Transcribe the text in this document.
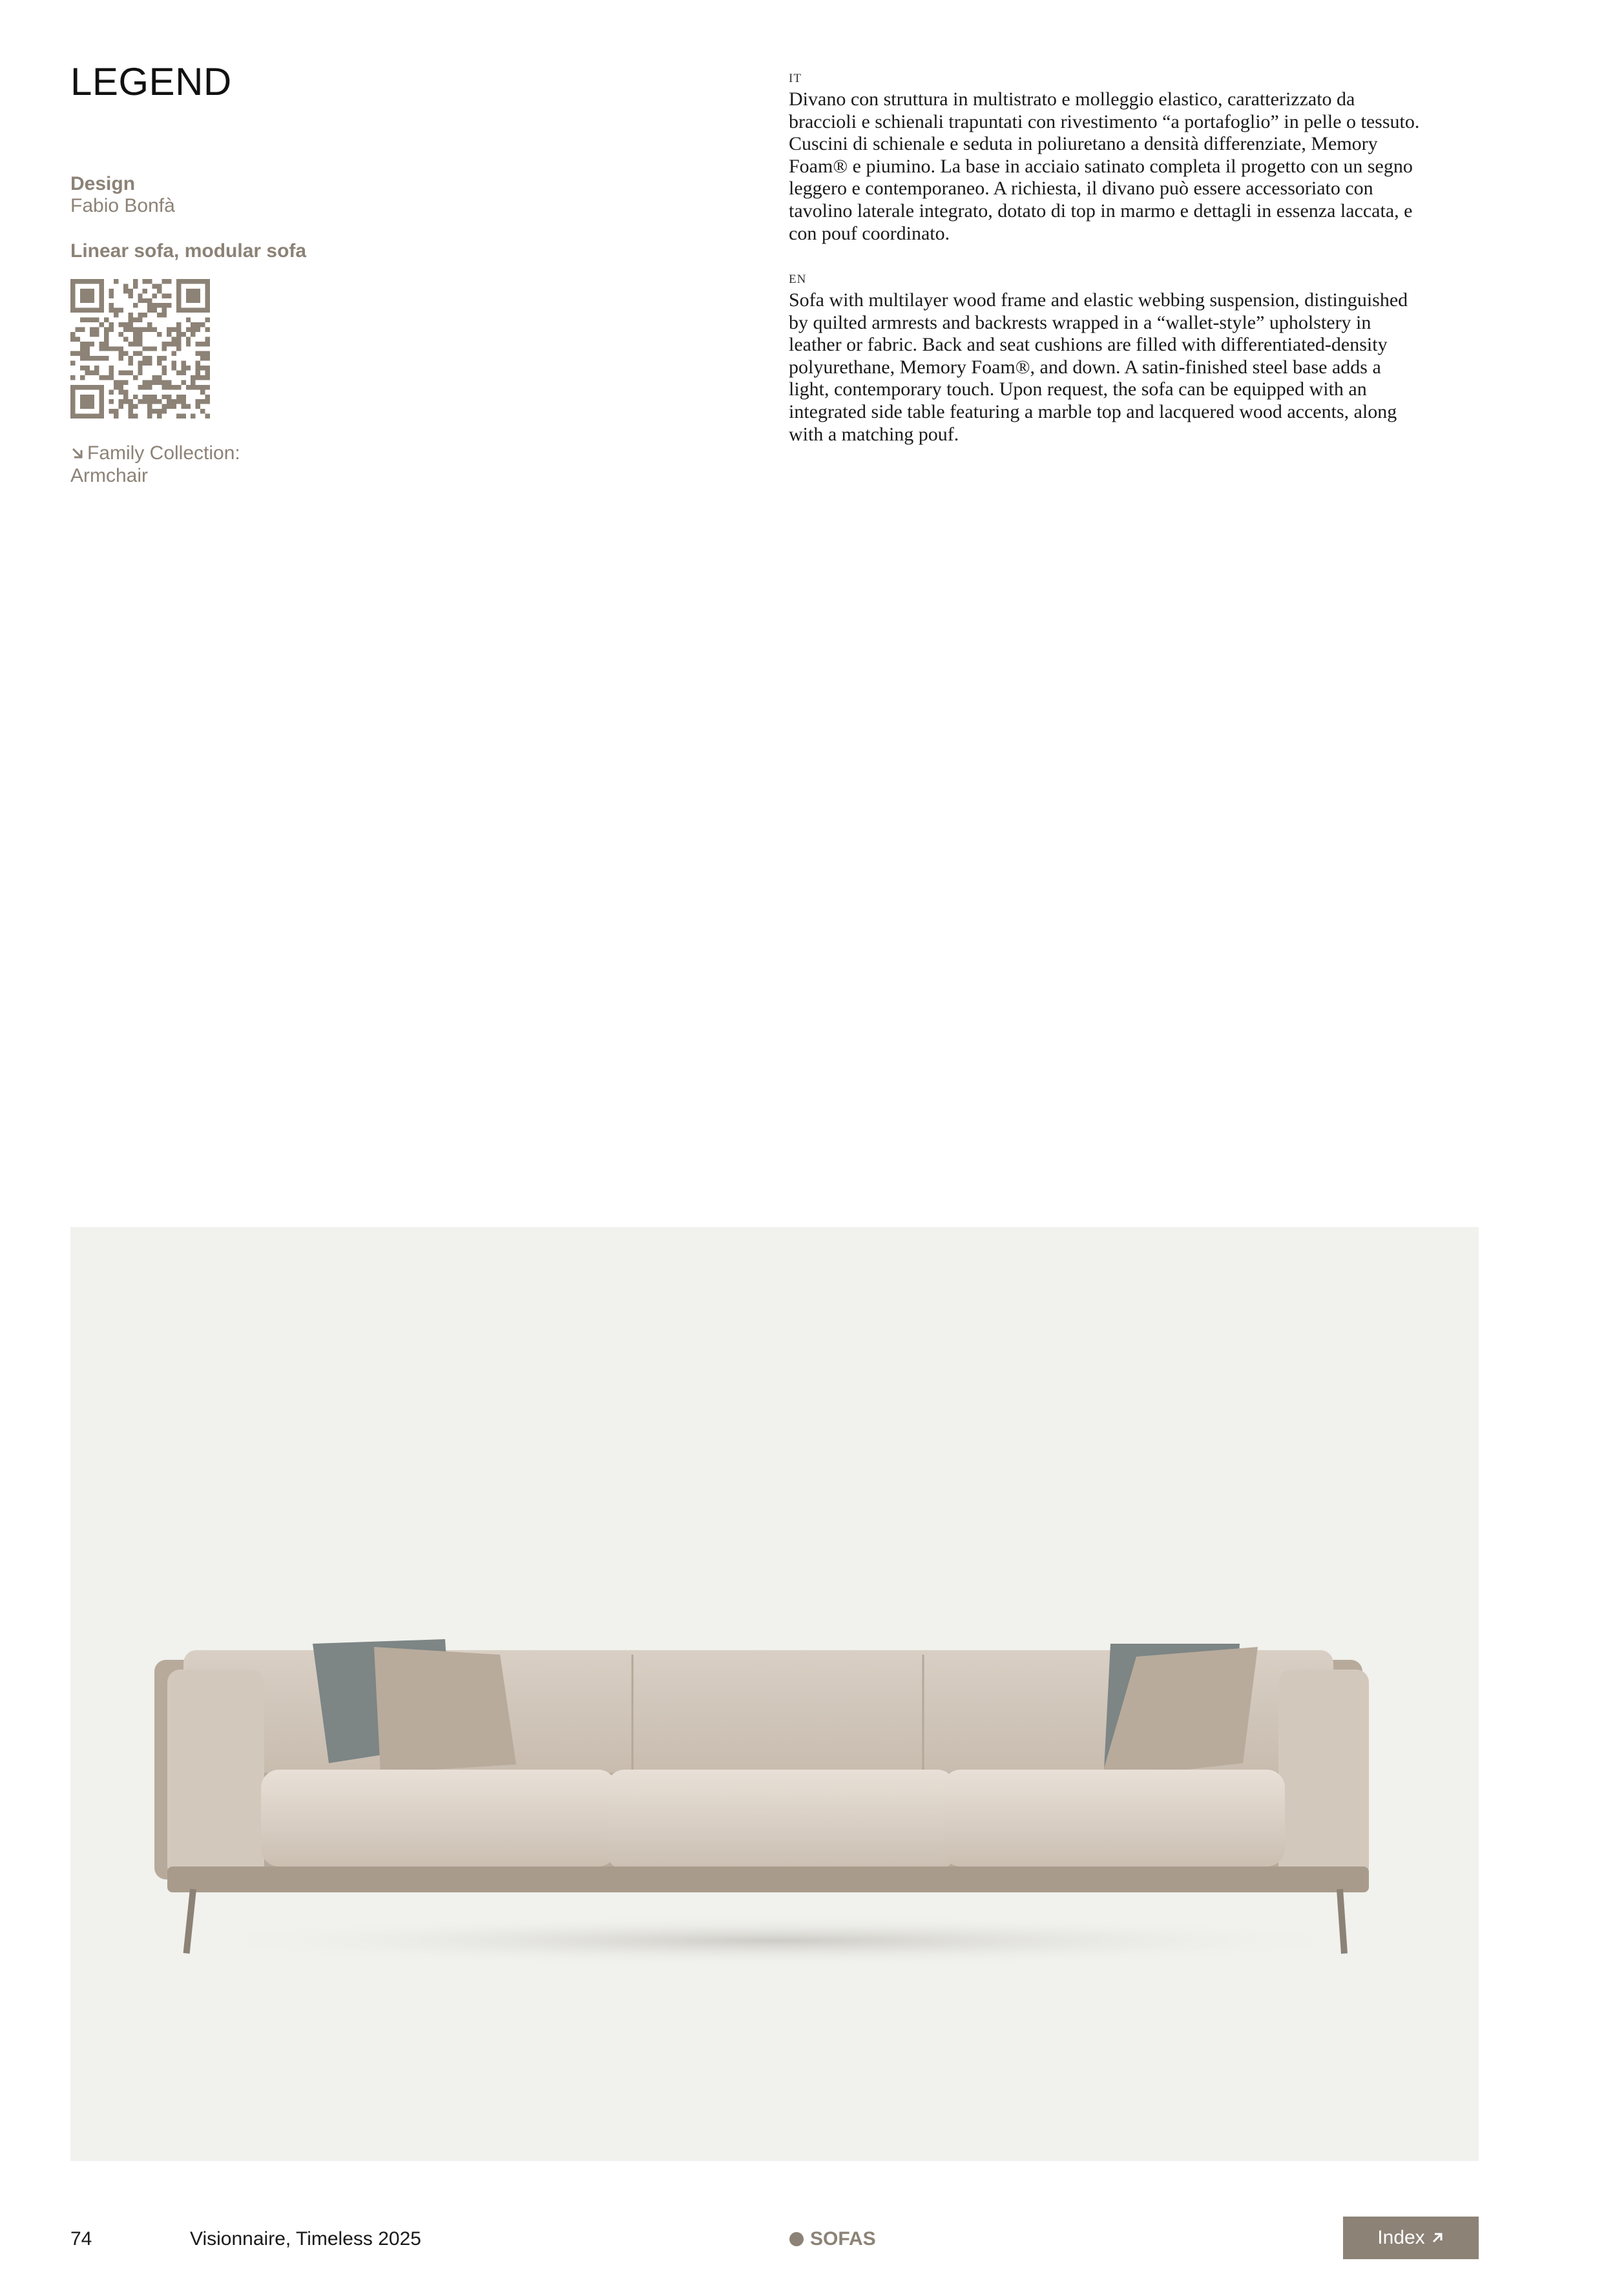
LEGEND
Design
Fabio Bonfà
Linear sofa, modular sofa
Family Collection:
Armchair
IT
Divano con struttura in multistrato e molleggio elastico, caratterizzato da
braccioli e schienali trapuntati con rivestimento “a portafoglio” in pelle o tessuto.
Cuscini di schienale e seduta in poliuretano a densità differenziate, Memory
Foam® e piumino. La base in acciaio satinato completa il progetto con un segno
leggero e contemporaneo. A richiesta, il divano può essere accessoriato con
tavolino laterale integrato, dotato di top in marmo e dettagli in essenza laccata, e
con pouf coordinato.
EN
Sofa with multilayer wood frame and elastic webbing suspension, distinguished
by quilted armrests and backrests wrapped in a “wallet-style” upholstery in
leather or fabric. Back and seat cushions are filled with differentiated-density
polyurethane, Memory Foam®, and down. A satin-finished steel base adds a
light, contemporary touch. Upon request, the sofa can be equipped with an
integrated side table featuring a marble top and lacquered wood accents, along
with a matching pouf.
74	Visionnaire, Timeless 2025	SOFAS	Index
